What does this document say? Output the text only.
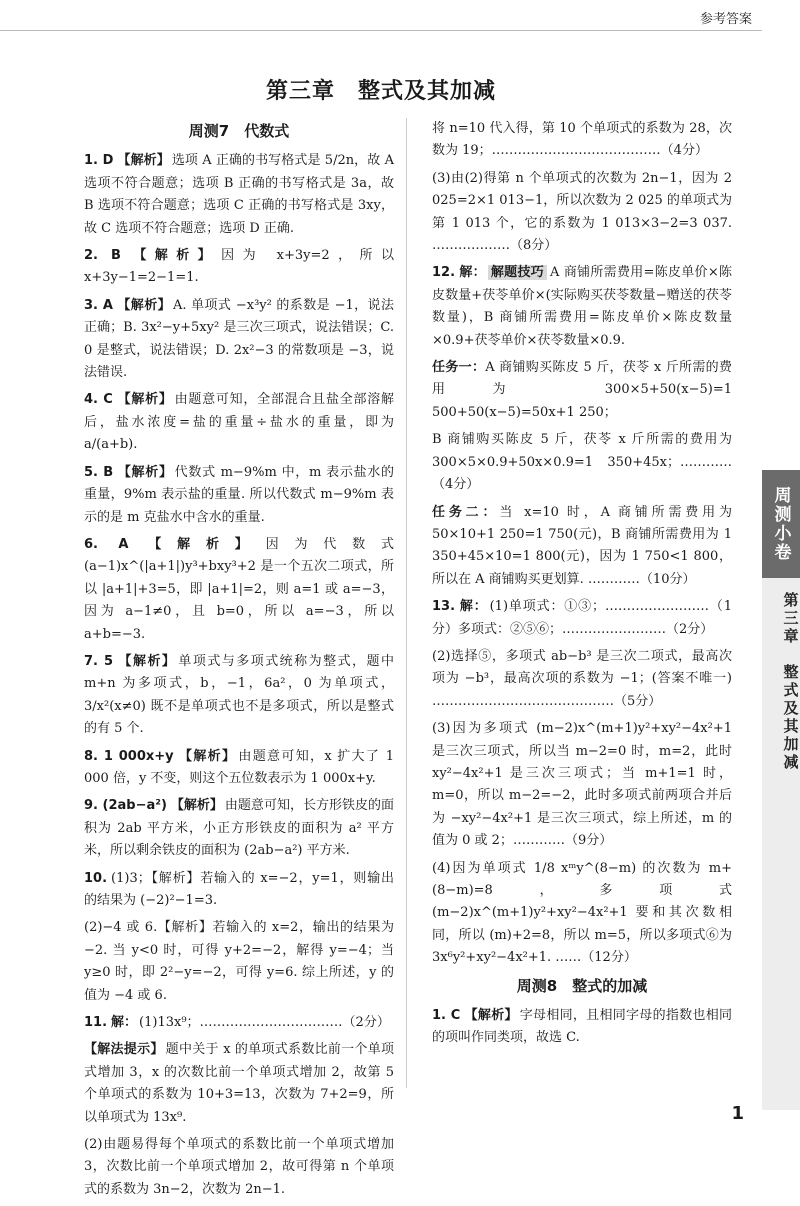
参考答案
第三章　整式及其加减
周测7　代数式

1. D 【解析】 选项 A 正确的书写格式是 5/2n，故 A 选项不符合题意；选项 B 正确的书写格式是 3a，故 B 选项不符合题意；选项 C 正确的书写格式是 3xy，故 C 选项不符合题意；选项 D 正确.

2. B 【解析】 因为 x+3y=2，所以 x+3y−1=2−1=1.

3. A 【解析】 A. 单项式 −x³y² 的系数是 −1，说法正确；B. 3x²−y+5xy² 是三次三项式，说法错误；C. 0 是整式，说法错误；D. 2x²−3 的常数项是 −3，说法错误.

4. C 【解析】 由题意可知，全部混合且盐全部溶解后，盐水浓度=盐的重量÷盐水的重量，即为 a/(a+b).

5. B 【解析】 代数式 m−9%m 中，m 表示盐水的重量，9%m 表示盐的重量. 所以代数式 m−9%m 表示的是 m 克盐水中含水的重量.

6. A 【解析】 因为代数式 (a−1)x^(|a+1|)y³+bxy³+2 是一个五次二项式，所以 |a+1|+3=5，即 |a+1|=2，则 a=1 或 a=−3，因为 a−1≠0，且 b=0，所以 a=−3，所以 a+b=−3.

7. 5 【解析】 单项式与多项式统称为整式，题中 m+n 为多项式，b，−1，6a²，0 为单项式，3/x²(x≠0) 既不是单项式也不是多项式，所以是整式的有 5 个.

8. 1 000x+y 【解析】 由题意可知，x 扩大了 1 000 倍，y 不变，则这个五位数表示为 1 000x+y.

9. (2ab−a²) 【解析】 由题意可知，长方形铁皮的面积为 2ab 平方米，小正方形铁皮的面积为 a² 平方米，所以剩余铁皮的面积为 (2ab−a²) 平方米.

10. (1)3；【解析】若输入的 x=−2，y=1，则输出的结果为 (−2)²−1=3.

(2)−4 或 6.【解析】若输入的 x=2，输出的结果为 −2. 当 y<0 时，可得 y+2=−2，解得 y=−4；当 y≥0 时，即 2²−y=−2，可得 y=6. 综上所述，y 的值为 −4 或 6.

11. 解： (1)13x⁹；……………………………（2分）

【解法提示】 题中关于 x 的单项式系数比前一个单项式增加 3，x 的次数比前一个单项式增加 2，故第 5 个单项式的系数为 10+3=13，次数为 7+2=9，所以单项式为 13x⁹.

(2)由题易得每个单项式的系数比前一个单项式增加 3，次数比前一个单项式增加 2，故可得第 n 个单项式的系数为 3n−2，次数为 2n−1.

将 n=10 代入得，第 10 个单项式的系数为 28，次数为 19；…………………………………（4分）

(3)由(2)得第 n 个单项式的次数为 2n−1，因为 2 025=2×1 013−1，所以次数为 2 025 的单项式为第 1 013 个，它的系数为 1 013×3−2=3 037. ………………（8分）

12. 解： 解题技巧 A 商铺所需费用=陈皮单价×陈皮数量+茯苓单价×(实际购买茯苓数量−赠送的茯苓数量)，B 商铺所需费用=陈皮单价×陈皮数量×0.9+茯苓单价×茯苓数量×0.9.

任务一：A 商铺购买陈皮 5 斤，茯苓 x 斤所需的费用为 300×5+50(x−5)=1 500+50(x−5)=50x+1 250；

B 商铺购买陈皮 5 斤，茯苓 x 斤所需的费用为 300×5×0.9+50x×0.9=1 350+45x；…………（4分）

任务二：当 x=10 时，A 商铺所需费用为 50×10+1 250=1 750(元)，B 商铺所需费用为 1 350+45×10=1 800(元)，因为 1 750<1 800，所以在 A 商铺购买更划算. …………（10分）

13. 解： (1)单项式：①③；……………………（1分）多项式：②⑤⑥；……………………（2分）

(2)选择⑤，多项式 ab−b³ 是三次二项式，最高次项为 −b³，最高次项的系数为 −1；(答案不唯一) ……………………………………（5分）

(3)因为多项式 (m−2)x^(m+1)y²+xy²−4x²+1 是三次三项式，所以当 m−2=0 时，m=2，此时 xy²−4x²+1 是三次三项式；当 m+1=1 时，m=0，所以 m−2=−2，此时多项式前两项合并后为 −xy²−4x²+1 是三次三项式，综上所述，m 的值为 0 或 2；…………（9分）

(4)因为单项式 1/8 xᵐy^(8−m) 的次数为 m+(8−m)=8，多项式 (m−2)x^(m+1)y²+xy²−4x²+1 要和其次数相同，所以 (m)+2=8，所以 m=5，所以多项式⑥为 3x⁶y²+xy²−4x²+1. ……（12分）

周测8　整式的加减

1. C 【解析】 字母相同，且相同字母的指数也相同的项叫作同类项，故选 C.

周测小卷
第三章　整式及其加减
1
